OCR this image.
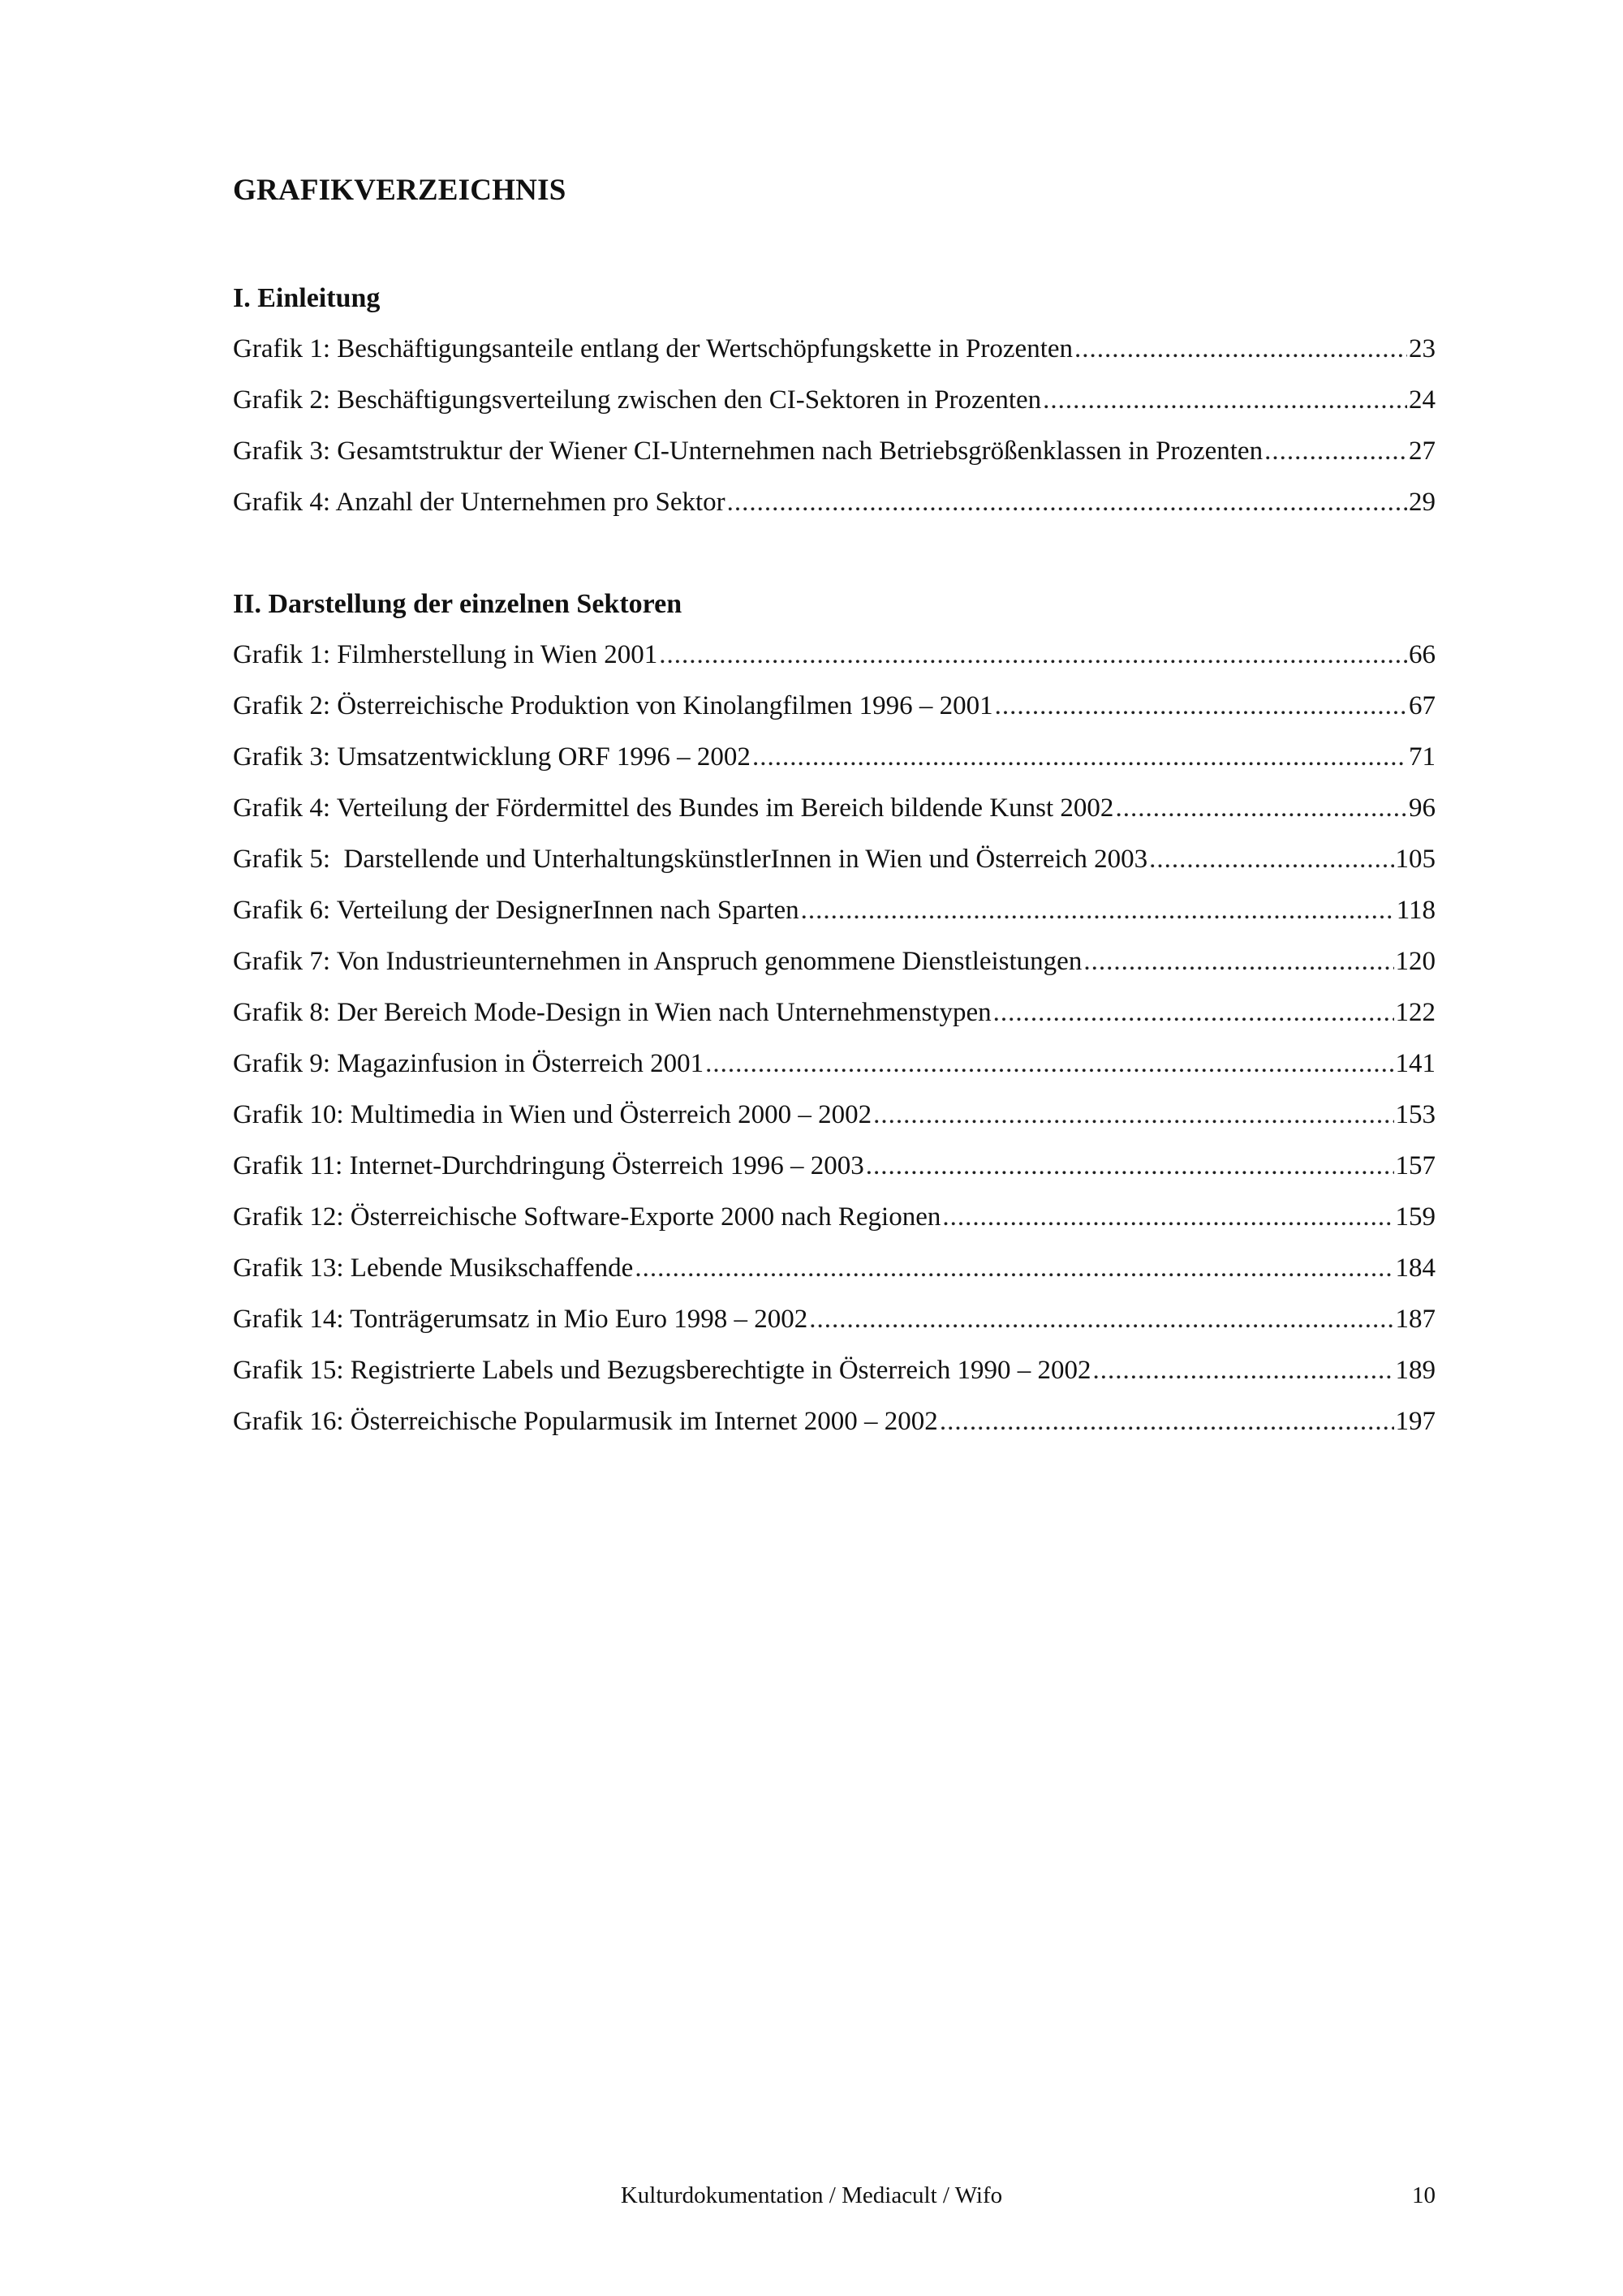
GRAFIKVERZEICHNIS
I. Einleitung
Grafik 1: Beschäftigungsanteile entlang der Wertschöpfungskette in Prozenten .....	23
Grafik 2: Beschäftigungsverteilung zwischen den CI-Sektoren in Prozenten .....	24
Grafik 3: Gesamtstruktur der Wiener CI-Unternehmen nach Betriebsgrößenklassen in Prozenten .....	27
Grafik 4: Anzahl der Unternehmen pro Sektor .....	29
II. Darstellung der einzelnen Sektoren
Grafik 1: Filmherstellung in Wien 2001 .....	66
Grafik 2: Österreichische Produktion von Kinolangfilmen 1996 – 2001 .....	67
Grafik 3: Umsatzentwicklung ORF 1996 – 2002 .....	71
Grafik 4: Verteilung der Fördermittel des Bundes im Bereich bildende Kunst 2002 .....	96
Grafik 5:  Darstellende und UnterhaltungskünstlerInnen in Wien und Österreich 2003 .....	105
Grafik 6: Verteilung der DesignerInnen nach Sparten .....	118
Grafik 7: Von Industrieunternehmen in Anspruch genommene Dienstleistungen .....	120
Grafik 8: Der Bereich Mode-Design in Wien nach Unternehmenstypen .....	122
Grafik 9: Magazinfusion in Österreich 2001 .....	141
Grafik 10: Multimedia in Wien und Österreich 2000 – 2002 .....	153
Grafik 11: Internet-Durchdringung Österreich 1996 – 2003 .....	157
Grafik 12: Österreichische Software-Exporte 2000 nach Regionen .....	159
Grafik 13: Lebende Musikschaffende .....	184
Grafik 14: Tonträgerumsatz in Mio Euro 1998 – 2002 .....	187
Grafik 15: Registrierte Labels und Bezugsberechtigte in Österreich 1990 – 2002 .....	189
Grafik 16: Österreichische Popularmusik im Internet 2000 – 2002 .....	197
Kulturdokumentation / Mediacult / Wifo	10
